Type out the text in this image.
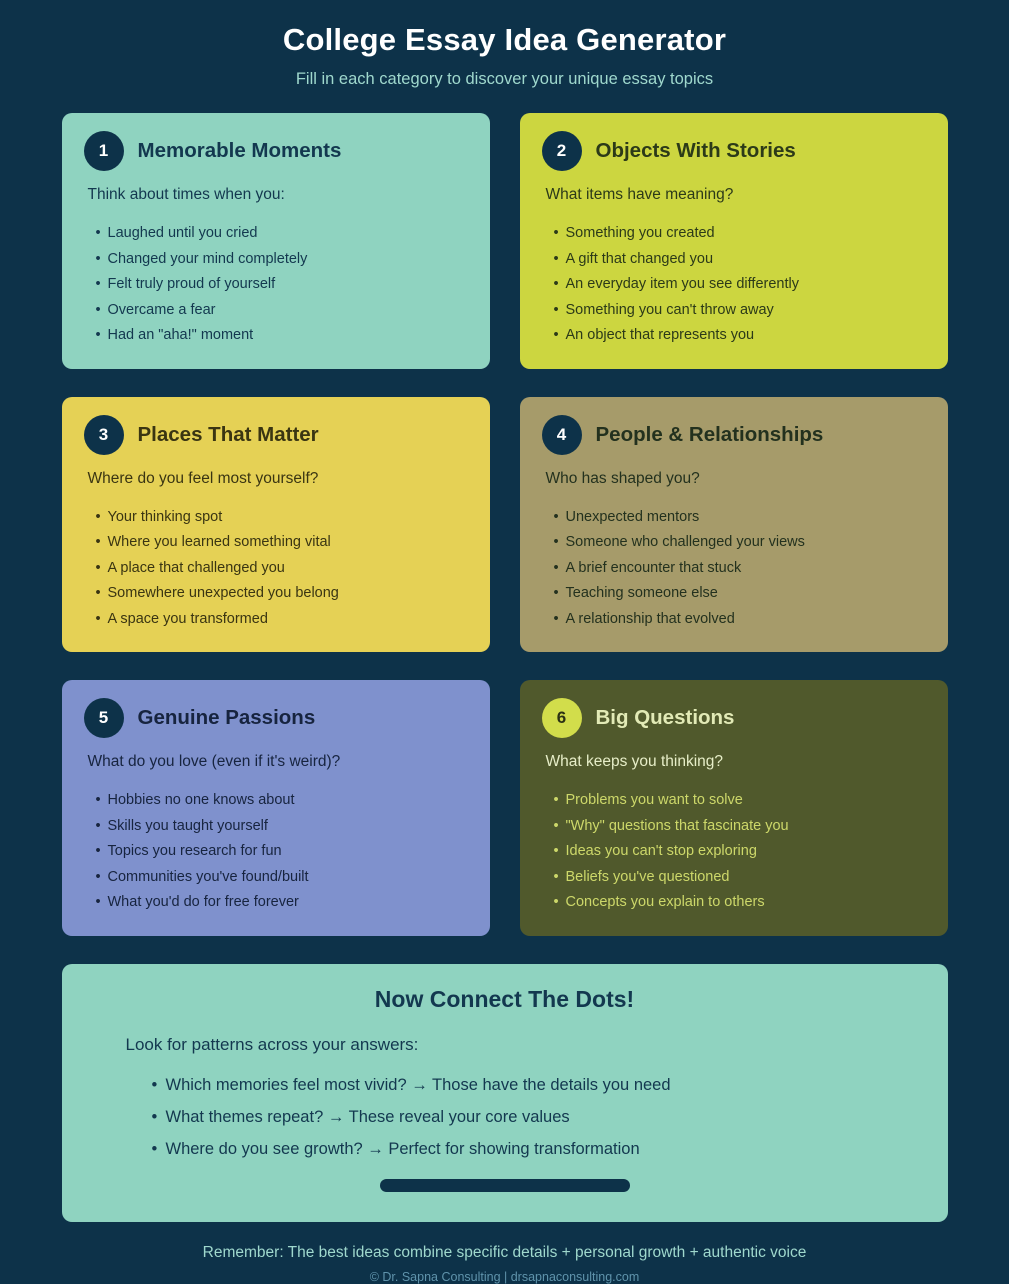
College Essay Idea Generator

Fill in each category to discover your unique essay topics

1	Memorable Moments
Think about times when you:
• Laughed until you cried
• Changed your mind completely
• Felt truly proud of yourself
• Overcame a fear
• Had an "aha!" moment
2	Objects With Stories
What items have meaning?
• Something you created
• A gift that changed you
• An everyday item you see differently
• Something you can't throw away
• An object that represents you
3	Places That Matter
Where do you feel most yourself?
• Your thinking spot
• Where you learned something vital
• A place that challenged you
• Somewhere unexpected you belong
• A space you transformed
4	People & Relationships
Who has shaped you?
• Unexpected mentors
• Someone who challenged your views
• A brief encounter that stuck
• Teaching someone else
• A relationship that evolved
5	Genuine Passions
What do you love (even if it's weird)?
• Hobbies no one knows about
• Skills you taught yourself
• Topics you research for fun
• Communities you've found/built
• What you'd do for free forever
6	Big Questions
What keeps you thinking?
• Problems you want to solve
• "Why" questions that fascinate you
• Ideas you can't stop exploring
• Beliefs you've questioned
• Concepts you explain to others
Now Connect The Dots!
Look for patterns across your answers:
• Which memories feel most vivid? → Those have the details you need
• What themes repeat? → These reveal your core values
• Where do you see growth? → Perfect for showing transformation

Remember: The best ideas combine specific details + personal growth + authentic voice

© Dr. Sapna Consulting | drsapnaconsulting.com
